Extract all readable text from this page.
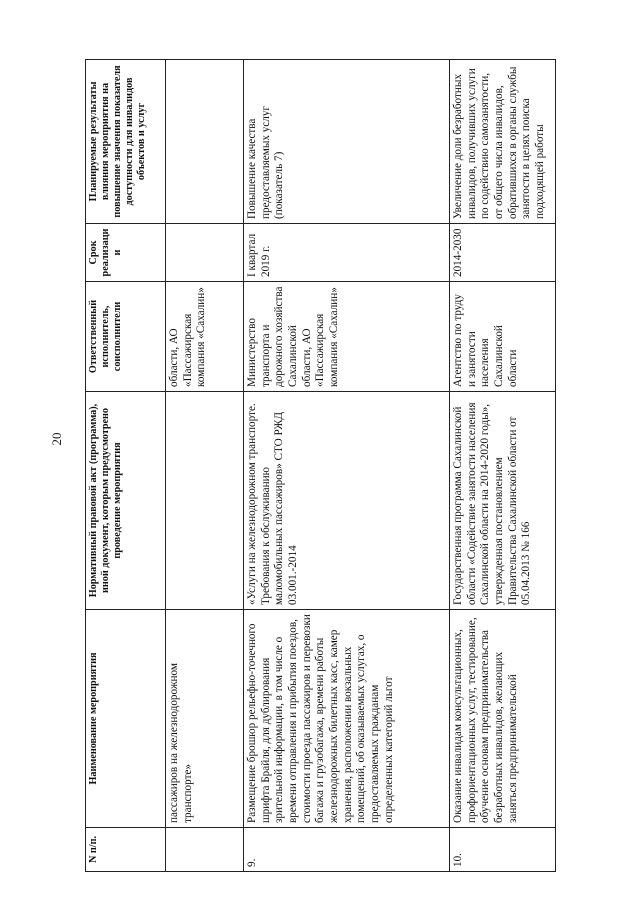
20
N п/п.	Наименование мероприятия	Нормативный правовой акт (программа), иной документ, которым предусмотрено проведение мероприятия	Ответственный исполнитель, соисполнители	Срок реализации	Планируемые результаты влияния мероприятия на повышение значения показателя доступности для инвалидов объектов и услуг
	пассажиров на железнодорожном транспорте»		области, АО «Пассажирская компания «Сахалин»		
9.	Размещение брошюр рельефно-точечного шрифта Брайля, для дублирования зрительной информации, в том числе о времени отправления и прибытия поездов, стоимости проезда пассажиров и перевозки багажа и грузобагажа, времени работы железнодорожных билетных касс, камер хранения, расположении вокзальных помещений, об оказываемых услугах, о предоставляемых гражданам определенных категорий льгот	«Услуги на железнодорожном транспорте. Требования к обслуживанию маломобильных пассажиров» СТО РЖД 03.001.-2014	Министерство транспорта и дорожного хозяйства Сахалинской области, АО «Пассажирская компания «Сахалин»	I квартал 2019 г.	Повышение качества предоставляемых услуг (показатель 7)
10.	Оказание инвалидам консультационных, профориентационных услуг, тестирование, обучение основам предпринимательства безработных инвалидов, желающих заняться предпринимательской	Государственная программа Сахалинской области «Содействие занятости населения Сахалинской области на 2014-2020 годы», утвержденная постановлением Правительства Сахалинской области от 05.04.2013 № 166	Агентство по труду и занятости населения Сахалинской области	2014-2030	Увеличение доли безработных инвалидов, получивших услуги по содействию самозанятости, от общего числа инвалидов, обратившихся в органы службы занятости в целях поиска подходящей работы
